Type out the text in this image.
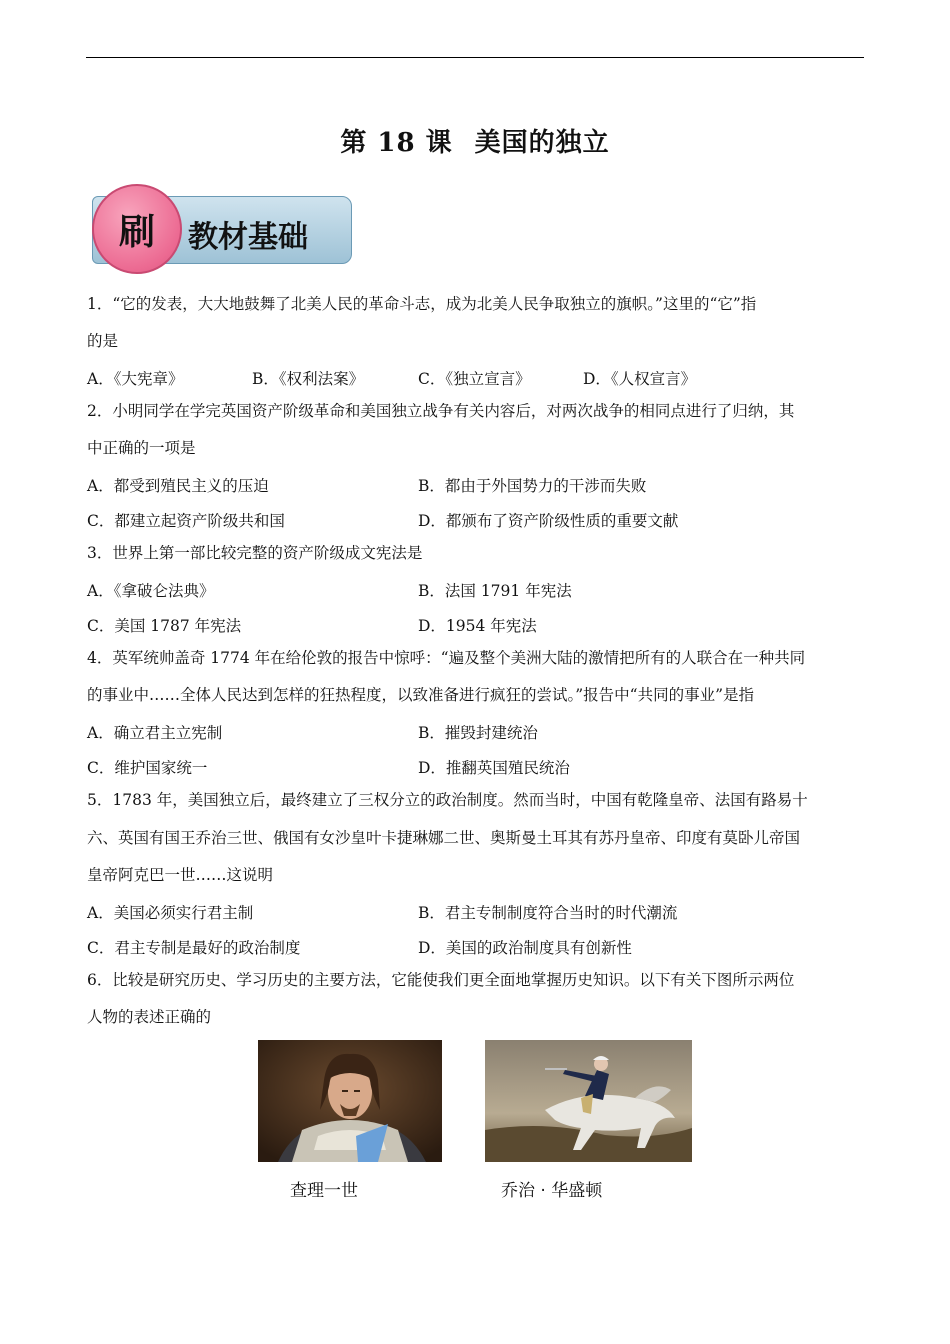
第 18 课 美国的独立
刷	教材基础
1．“它的发表，大大地鼓舞了北美人民的革命斗志，成为北美人民争取独立的旗帜。”这里的“它”指
的是
A．《大宪章》	B．《权利法案》	C．《独立宣言》	D．《人权宣言》
2．小明同学在学完英国资产阶级革命和美国独立战争有关内容后，对两次战争的相同点进行了归纳，其
中正确的一项是
A．都受到殖民主义的压迫	B．都由于外国势力的干涉而失败
C．都建立起资产阶级共和国	D．都颁布了资产阶级性质的重要文献
3．世界上第一部比较完整的资产阶级成文宪法是
A．《拿破仑法典》	B．法国 1791 年宪法
C．美国 1787 年宪法	D．1954 年宪法
4．英军统帅盖奇 1774 年在给伦敦的报告中惊呼：“遍及整个美洲大陆的激情把所有的人联合在一种共同
的事业中……全体人民达到怎样的狂热程度，以致准备进行疯狂的尝试。”报告中“共同的事业”是指
A．确立君主立宪制	B．摧毁封建统治
C．维护国家统一	D．推翻英国殖民统治
5．1783 年，美国独立后，最终建立了三权分立的政治制度。然而当时，中国有乾隆皇帝、法国有路易十
六、英国有国王乔治三世、俄国有女沙皇叶卡捷琳娜二世、奥斯曼土耳其有苏丹皇帝、印度有莫卧儿帝国
皇帝阿克巴一世……这说明
A．美国必须实行君主制	B．君主专制制度符合当时的时代潮流
C．君主专制是最好的政治制度	D．美国的政治制度具有创新性
6．比较是研究历史、学习历史的主要方法，它能使我们更全面地掌握历史知识。以下有关下图所示两位
人物的表述正确的
查理一世	乔治 · 华盛顿
